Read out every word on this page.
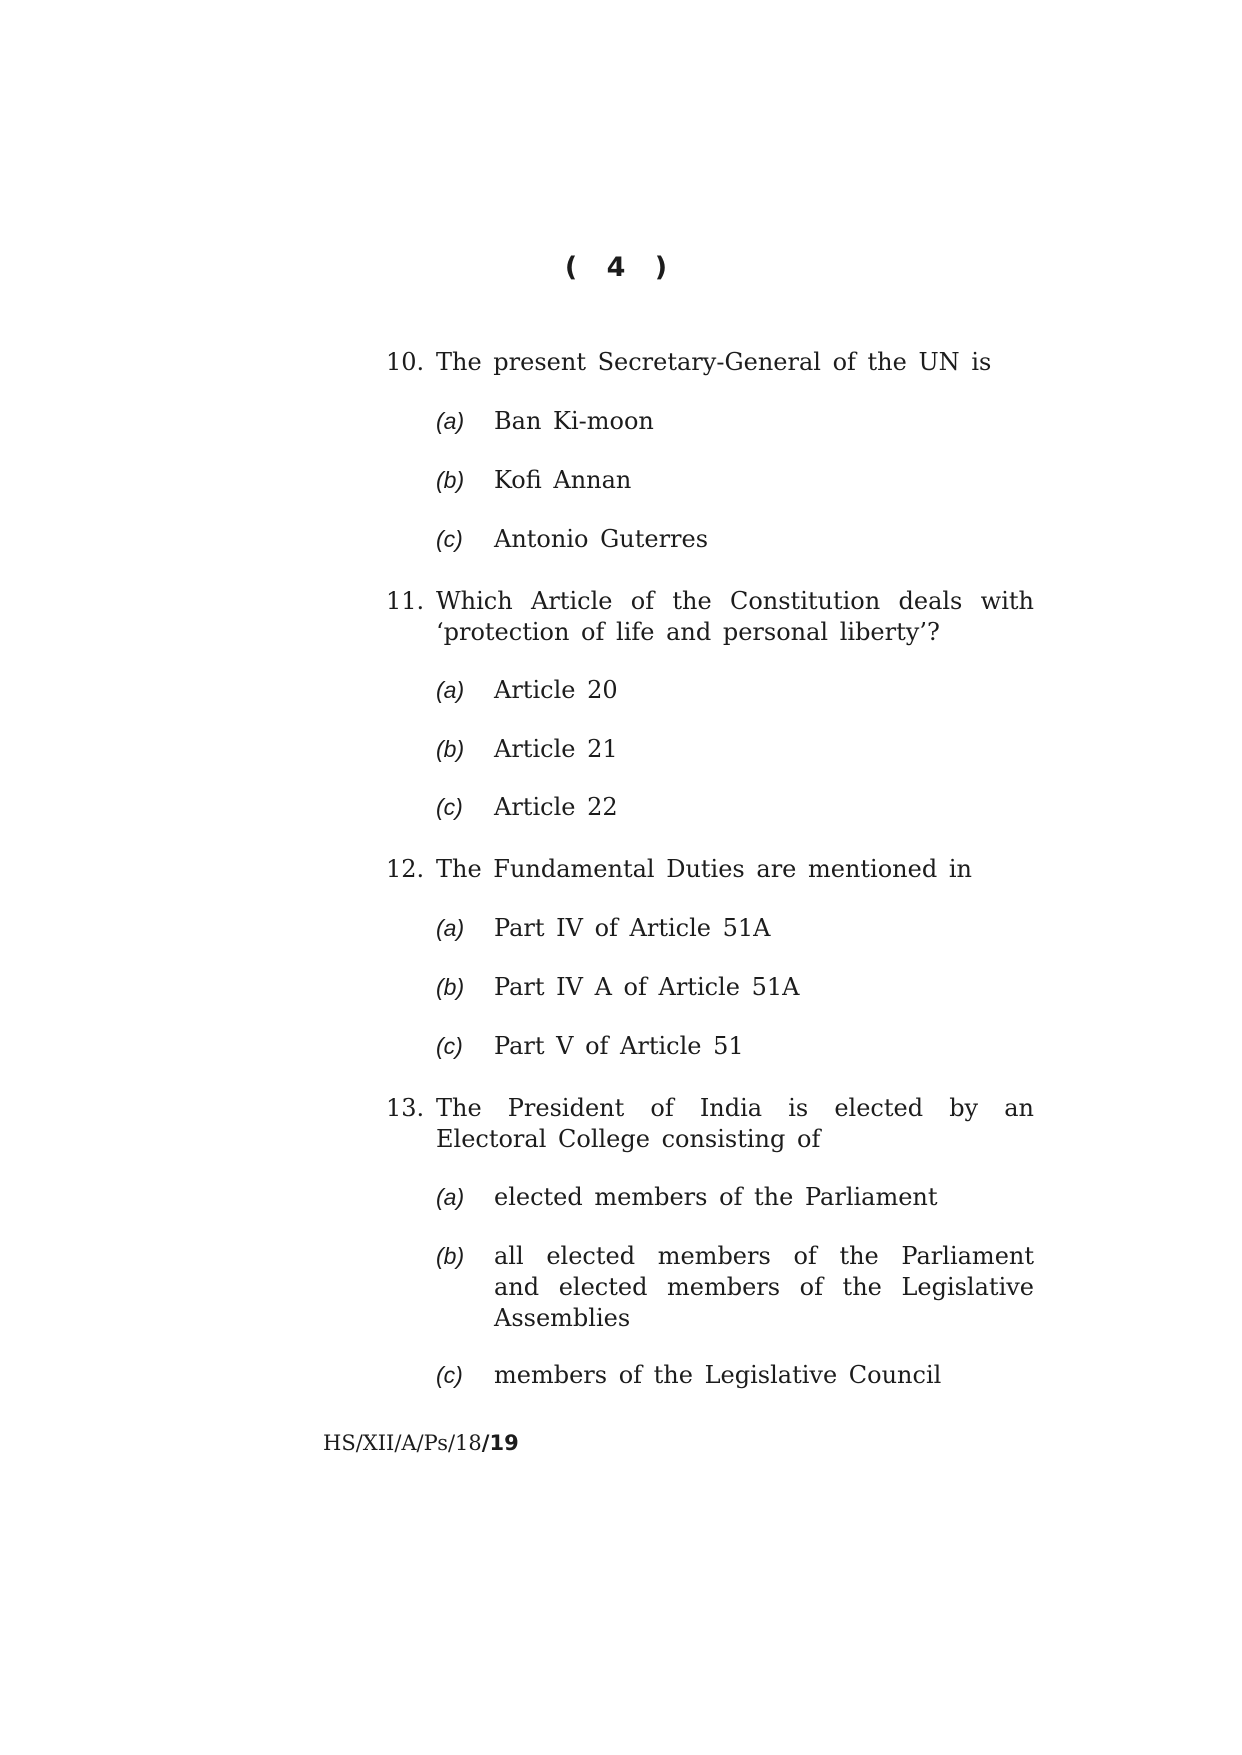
( 4 )
10. The present Secretary-General of the UN is
(a)	Ban Ki-moon
(b)	Kofi Annan
(c)	Antonio Guterres
11. Which Article of the Constitution deals with ‘protection of life and personal liberty’?
(a)	Article 20
(b)	Article 21
(c)	Article 22
12. The Fundamental Duties are mentioned in
(a)	Part IV of Article 51A
(b)	Part IV A of Article 51A
(c)	Part V of Article 51
13. The President of India is elected by an Electoral College consisting of
(a)	elected members of the Parliament
(b)	all elected members of the Parliament and elected members of the Legislative Assemblies
(c)	members of the Legislative Council
HS/XII/A/Ps/18/19
